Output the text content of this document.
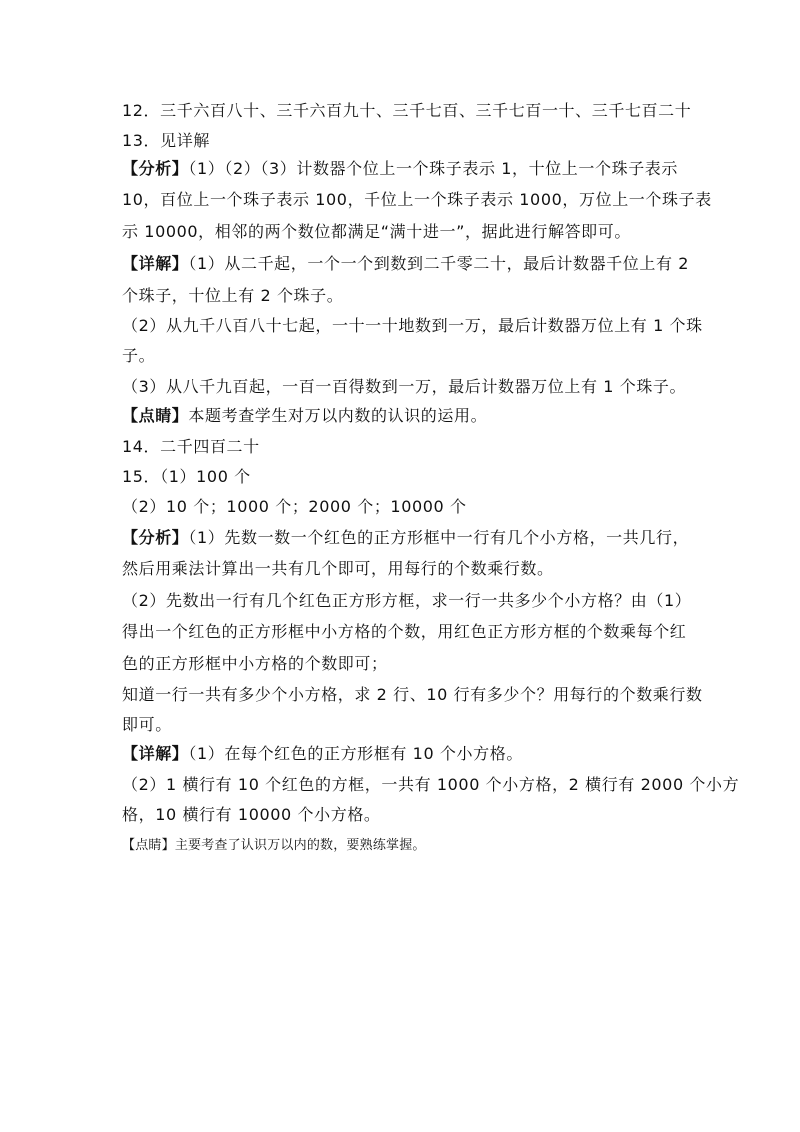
12．三千六百八十、三千六百九十、三千七百、三千七百一十、三千七百二十
13．见详解
【分析】（1）（2）（3）计数器个位上一个珠子表示 1，十位上一个珠子表示
10，百位上一个珠子表示 100，千位上一个珠子表示 1000，万位上一个珠子表
示 10000，相邻的两个数位都满足“满十进一”，据此进行解答即可。
【详解】（1）从二千起，一个一个到数到二千零二十，最后计数器千位上有 2
个珠子，十位上有 2 个珠子。
（2）从九千八百八十七起，一十一十地数到一万，最后计数器万位上有 1 个珠
子。
（3）从八千九百起，一百一百得数到一万，最后计数器万位上有 1 个珠子。
【点睛】本题考查学生对万以内数的认识的运用。
14．二千四百二十
15．（1）100 个
（2）10 个；1000 个；2000 个；10000 个
【分析】（1）先数一数一个红色的正方形框中一行有几个小方格，一共几行，
然后用乘法计算出一共有几个即可，用每行的个数乘行数。
（2）先数出一行有几个红色正方形方框，求一行一共多少个小方格？由（1）
得出一个红色的正方形框中小方格的个数，用红色正方形方框的个数乘每个红
色的正方形框中小方格的个数即可；
知道一行一共有多少个小方格，求 2 行、10 行有多少个？用每行的个数乘行数
即可。
【详解】（1）在每个红色的正方形框有 10 个小方格。
（2）1 横行有 10 个红色的方框，一共有 1000 个小方格，2 横行有 2000 个小方
格，10 横行有 10000 个小方格。
【点睛】主要考查了认识万以内的数，要熟练掌握。
